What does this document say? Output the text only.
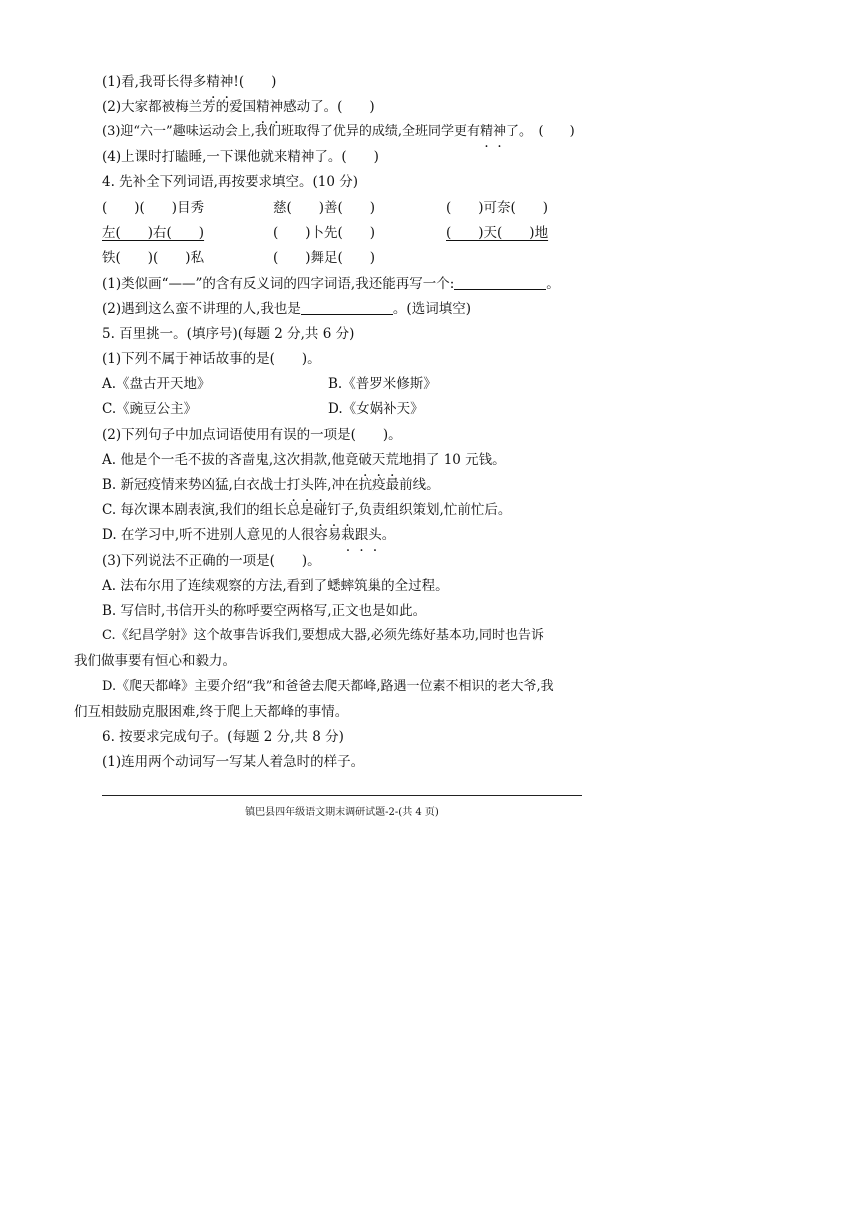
(1)看,我哥长得多精神!(　　)
(2)大家都被梅兰芳的爱国精神感动了。(　　)
(3)迎“六一”趣味运动会上,我们班取得了优异的成绩,全班同学更有精神了。　(　　)
(4)上课时打瞌睡,一下课他就来精神了。(　　)
4. 先补全下列词语,再按要求填空。(10 分)
(　　)(　　)目秀	慈(　　)善(　　)	(　　)可奈(　　)
左(　　)右(　　)	(　　)卜先(　　)	(　　)天(　　)地
铁(　　)(　　)私	(　　)舞足(　　)
(1)类似画“——”的含有反义词的四字词语,我还能再写一个:	。
(2)遇到这么蛮不讲理的人,我也是	。(选词填空)
5. 百里挑一。(填序号)(每题 2 分,共 6 分)
(1)下列不属于神话故事的是(　　)。
A.《盘古开天地》	B.《普罗米修斯》
C.《豌豆公主》	D.《女娲补天》
(2)下列句子中加点词语使用有误的一项是(　　)。
A. 他是个一毛不拔的吝啬鬼,这次捐款,他竟破天荒地捐了 10 元钱。
B. 新冠疫情来势凶猛,白衣战士打头阵,冲在抗疫最前线。
C. 每次课本剧表演,我们的组长总是碰钉子,负责组织策划,忙前忙后。
D. 在学习中,听不进别人意见的人很容易栽跟头。
(3)下列说法不正确的一项是(　　)。
A. 法布尔用了连续观察的方法,看到了蟋蟀筑巢的全过程。
B. 写信时,书信开头的称呼要空两格写,正文也是如此。
C.《纪昌学射》这个故事告诉我们,要想成大器,必须先练好基本功,同时也告诉
我们做事要有恒心和毅力。
D.《爬天都峰》主要介绍“我”和爸爸去爬天都峰,路遇一位素不相识的老大爷,我
们互相鼓励克服困难,终于爬上天都峰的事情。
6. 按要求完成句子。(每题 2 分,共 8 分)
(1)连用两个动词写一写某人着急时的样子。
镇巴县四年级语文期末调研试题-2-(共 4 页)
